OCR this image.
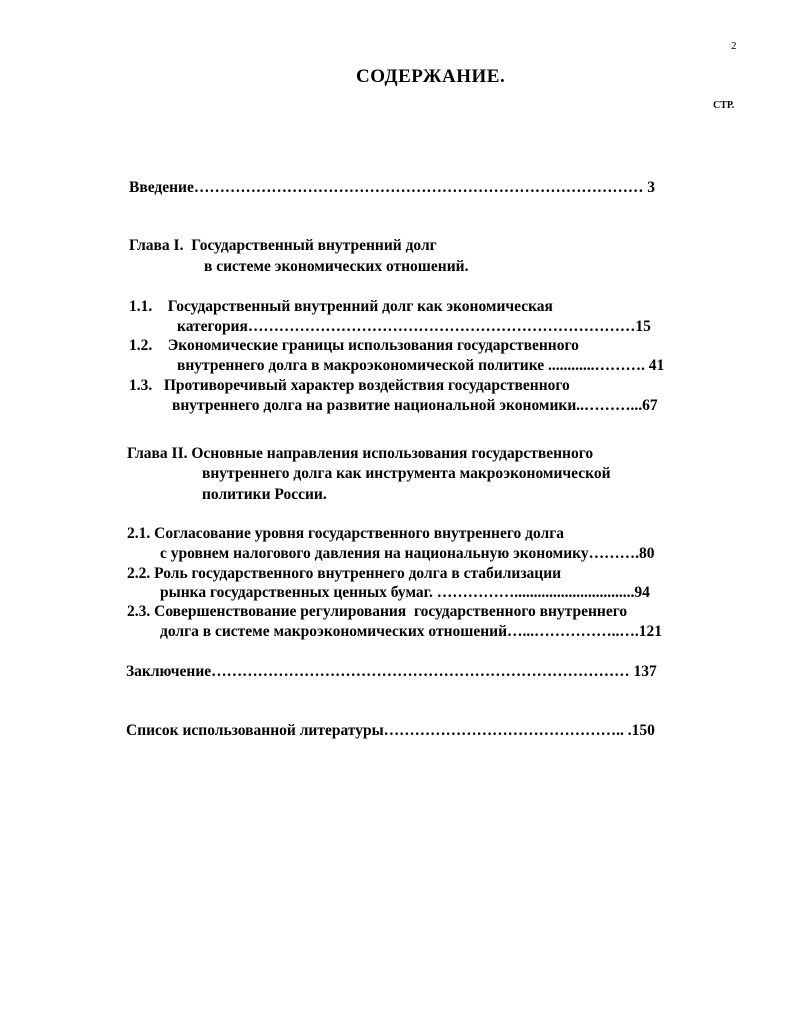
2
СОДЕРЖАНИЕ.
СТР.
Введение…………………………………………………………………………… 3
Глава I.  Государственный внутренний долг
в системе экономических отношений.
1.1.    Государственный внутренний долг как экономическая
категория…………………………………………………………………15
1.2.    Экономические границы использования государственного
внутреннего долга в макроэкономической политике ............………. 41
1.3.   Противоречивый характер воздействия государственного
внутреннего долга на развитие национальной экономики..………...67
Глава II. Основные направления использования государственного
внутреннего долга как инструмента макроэкономической
политики России.
2.1. Согласование уровня государственного внутреннего долга
с уровнем налогового давления на национальную экономику……….80
2.2. Роль государственного внутреннего долга в стабилизации
рынка государственных ценных бумаг. ……………...............................94
2.3. Совершенствование регулирования  государственного внутреннего
долга в системе макроэкономических отношений…...……………..….121
Заключение……………………………………………………………………… 137
Список использованной литературы……………………………………….. .150
